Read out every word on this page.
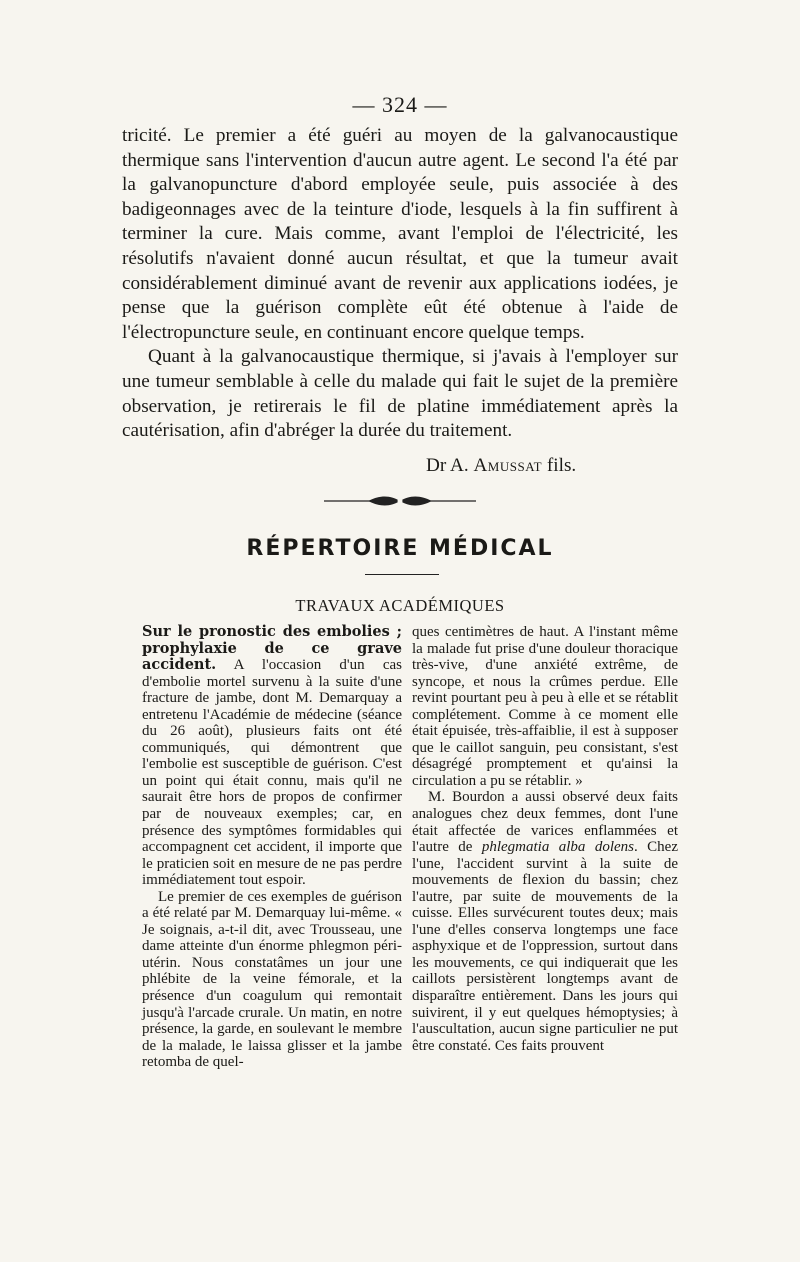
— 324 —

tricité. Le premier a été guéri au moyen de la galvanocaustique thermique sans l'intervention d'aucun autre agent. Le second l'a été par la galvanopuncture d'abord employée seule, puis associée à des badigeonnages avec de la teinture d'iode, lesquels à la fin suffirent à terminer la cure. Mais comme, avant l'emploi de l'électricité, les résolutifs n'avaient donné aucun résultat, et que la tumeur avait considérablement diminué avant de revenir aux applications iodées, je pense que la guérison complète eût été obtenue à l'aide de l'électropuncture seule, en continuant encore quelque temps.

Quant à la galvanocaustique thermique, si j'avais à l'employer sur une tumeur semblable à celle du malade qui fait le sujet de la première observation, je retirerais le fil de platine immédiatement après la cautérisation, afin d'abréger la durée du traitement.

Dr A. Amussat fils.
RÉPERTOIRE MÉDICAL
TRAVAUX ACADÉMIQUES

Sur le pronostic des embolies ; prophylaxie de ce grave accident. A l'occasion d'un cas d'embolie mortel survenu à la suite d'une fracture de jambe, dont M. Demarquay a entretenu l'Académie de médecine (séance du 26 août), plusieurs faits ont été communiqués, qui démontrent que l'embolie est susceptible de guérison. C'est un point qui était connu, mais qu'il ne saurait être hors de propos de confirmer par de nouveaux exemples; car, en présence des symptômes formidables qui accompagnent cet accident, il importe que le praticien soit en mesure de ne pas perdre immédiatement tout espoir.

Le premier de ces exemples de guérison a été relaté par M. Demarquay lui-même. « Je soignais, a-t-il dit, avec Trousseau, une dame atteinte d'un énorme phlegmon péri-utérin. Nous constatâmes un jour une phlébite de la veine fémorale, et la présence d'un coagulum qui remontait jusqu'à l'arcade crurale. Un matin, en notre présence, la garde, en soulevant le membre de la malade, le laissa glisser et la jambe retomba de quel-

ques centimètres de haut. A l'instant même la malade fut prise d'une douleur thoracique très-vive, d'une anxiété extrême, de syncope, et nous la crûmes perdue. Elle revint pourtant peu à peu à elle et se rétablit complétement. Comme à ce moment elle était épuisée, très-affaiblie, il est à supposer que le caillot sanguin, peu consistant, s'est désagrégé promptement et qu'ainsi la circulation a pu se rétablir. »

M. Bourdon a aussi observé deux faits analogues chez deux femmes, dont l'une était affectée de varices enflammées et l'autre de phlegmatia alba dolens. Chez l'une, l'accident survint à la suite de mouvements de flexion du bassin; chez l'autre, par suite de mouvements de la cuisse. Elles survécurent toutes deux; mais l'une d'elles conserva longtemps une face asphyxique et de l'oppression, surtout dans les mouvements, ce qui indiquerait que les caillots persistèrent longtemps avant de disparaître entièrement. Dans les jours qui suivirent, il y eut quelques hémoptysies; à l'auscultation, aucun signe particulier ne put être constaté. Ces faits prouvent
